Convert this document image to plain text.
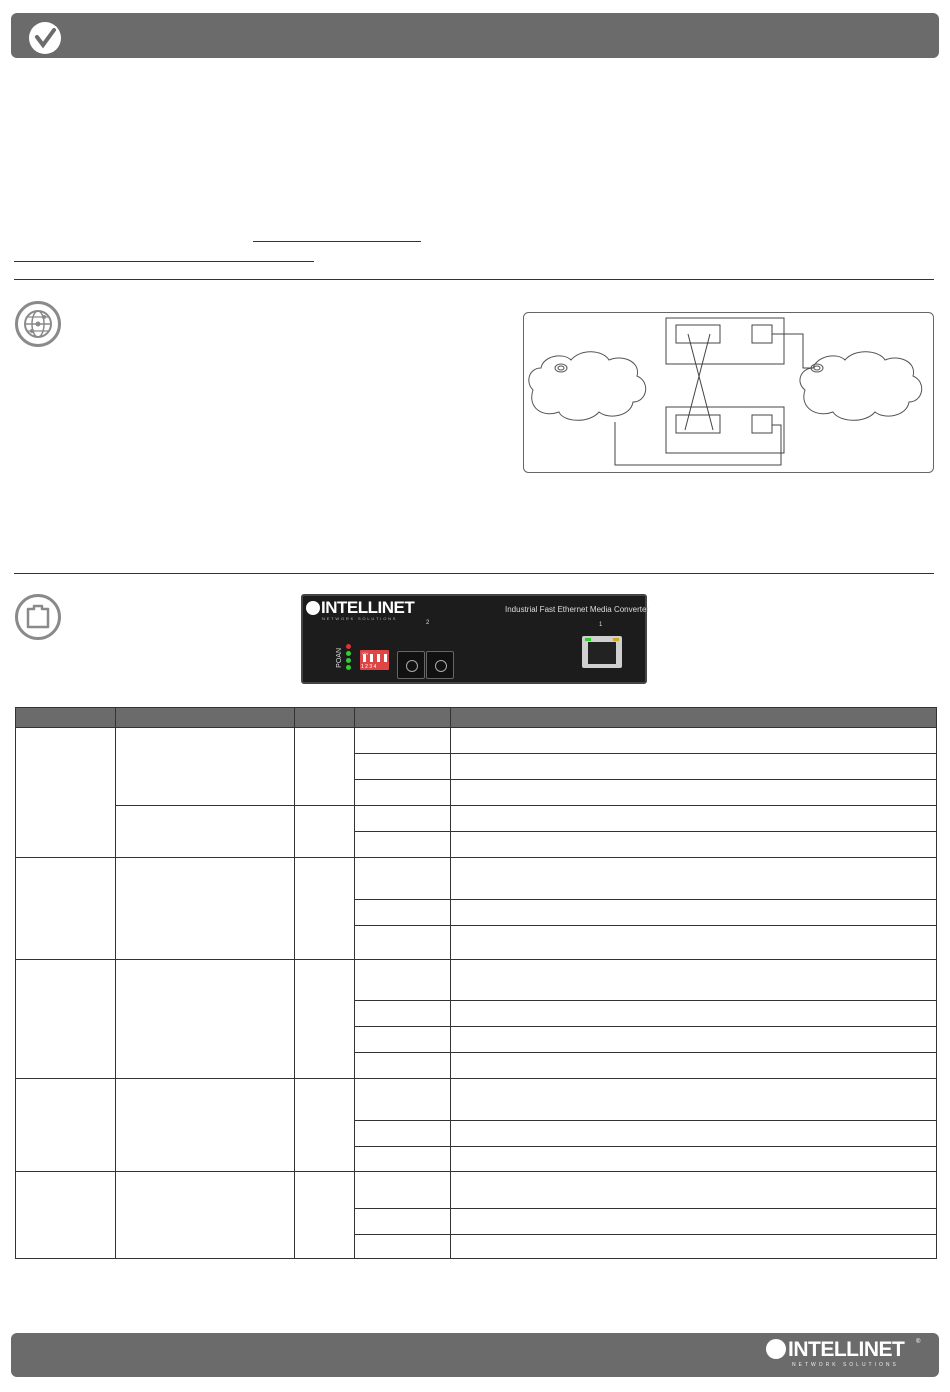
INTELLINET
NETWORK SOLUTIONS
Industrial Fast Ethernet Media Converter
2	1
POAN	ON
1 2 3 4

INTELLINET ®
NETWORK SOLUTIONS
